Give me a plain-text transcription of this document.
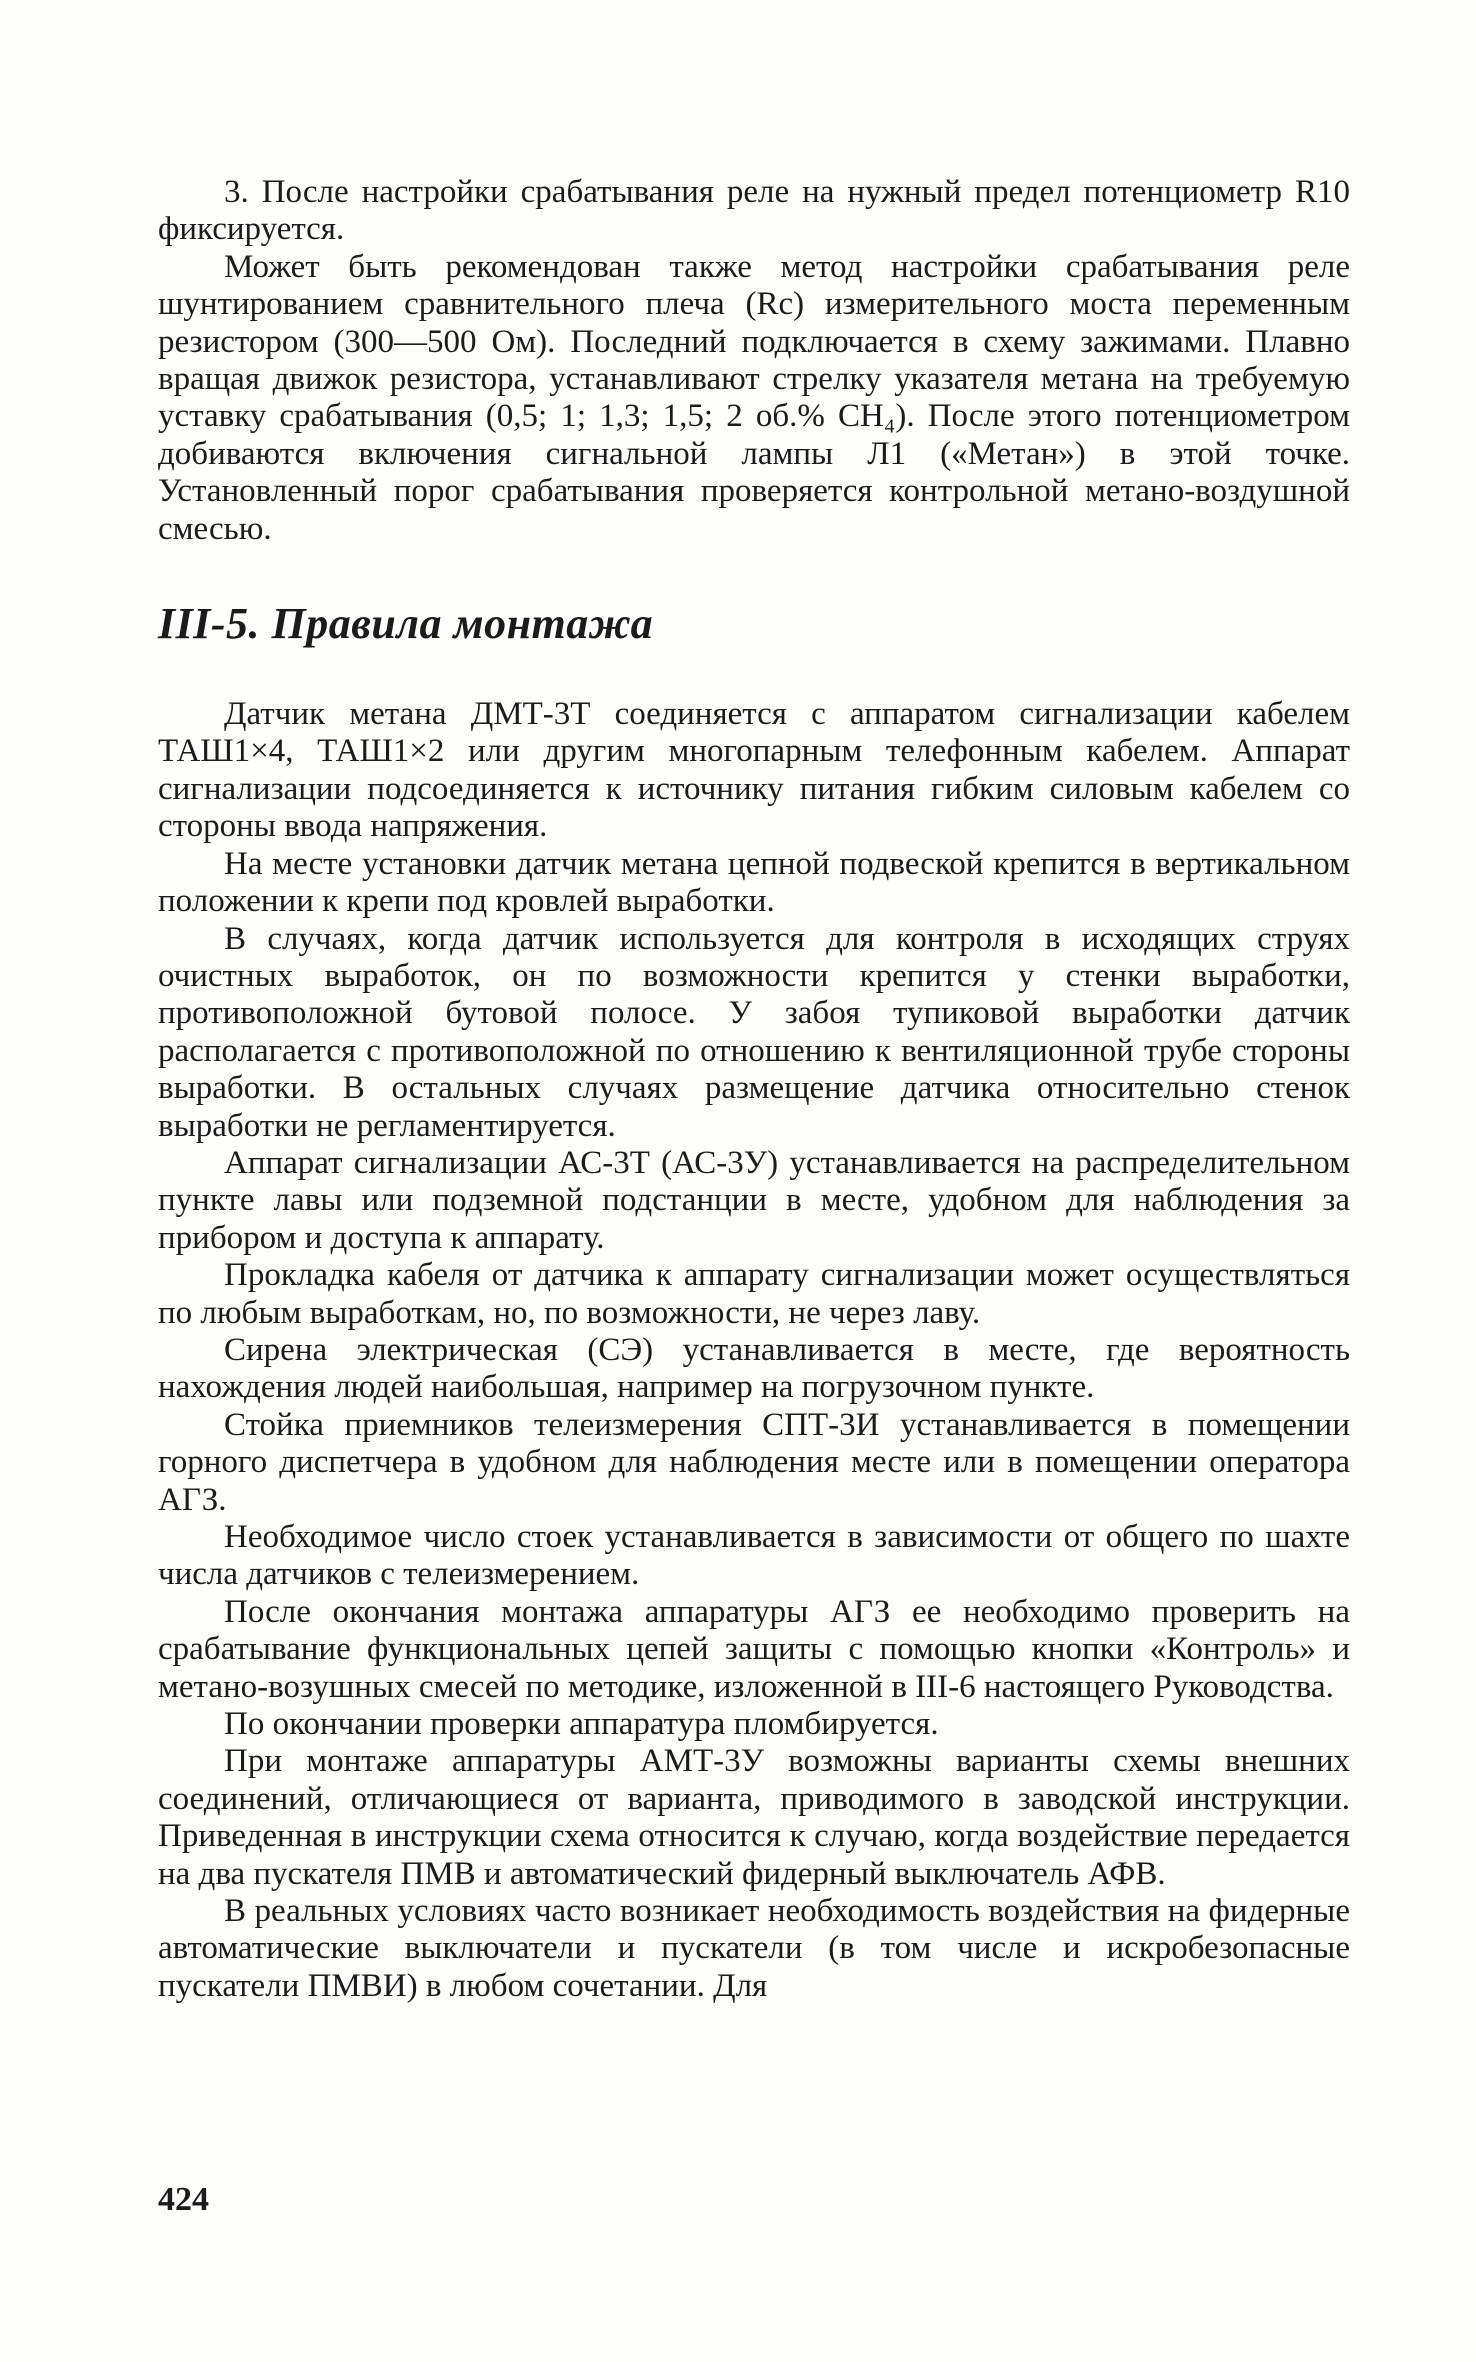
3. После настройки срабатывания реле на нужный предел потенциометр R10 фиксируется.

Может быть рекомендован также метод настройки срабатывания реле шунтированием сравнительного плеча (Rс) измерительного моста переменным резистором (300—500 Ом). Последний подключается в схему зажимами. Плавно вращая движок резистора, устанавливают стрелку указателя метана на требуемую уставку срабатывания (0,5; 1; 1,3; 1,5; 2 об.% CH₄). После этого потенциометром добиваются включения сигнальной лампы Л1 («Метан») в этой точке. Установленный порог срабатывания проверяется контрольной метано-воздушной смесью.

III-5. Правила монтажа

Датчик метана ДМТ-3Т соединяется с аппаратом сигнализации кабелем ТАШ1×4, ТАШ1×2 или другим многопарным телефонным кабелем. Аппарат сигнализации подсоединяется к источнику питания гибким силовым кабелем со стороны ввода напряжения.

На месте установки датчик метана цепной подвеской крепится в вертикальном положении к крепи под кровлей выработки.

В случаях, когда датчик используется для контроля в исходящих струях очистных выработок, он по возможности крепится у стенки выработки, противоположной бутовой полосе. У забоя тупиковой выработки датчик располагается с противоположной по отношению к вентиляционной трубе стороны выработки. В остальных случаях размещение датчика относительно стенок выработки не регламентируется.

Аппарат сигнализации АС-3Т (АС-3У) устанавливается на распределительном пункте лавы или подземной подстанции в месте, удобном для наблюдения за прибором и доступа к аппарату.

Прокладка кабеля от датчика к аппарату сигнализации может осуществляться по любым выработкам, но, по возможности, не через лаву.

Сирена электрическая (СЭ) устанавливается в месте, где вероятность нахождения людей наибольшая, например на погрузочном пункте.

Стойка приемников телеизмерения СПТ-3И устанавливается в помещении горного диспетчера в удобном для наблюдения месте или в помещении оператора АГЗ.

Необходимое число стоек устанавливается в зависимости от общего по шахте числа датчиков с телеизмерением.

После окончания монтажа аппаратуры АГЗ ее необходимо проверить на срабатывание функциональных цепей защиты с помощью кнопки «Контроль» и метано-возушных смесей по методике, изложенной в III-6 настоящего Руководства.

По окончании проверки аппаратура пломбируется.

При монтаже аппаратуры АМТ-3У возможны варианты схемы внешних соединений, отличающиеся от варианта, приводимого в заводской инструкции. Приведенная в инструкции схема относится к случаю, когда воздействие передается на два пускателя ПМВ и автоматический фидерный выключатель АФВ.

В реальных условиях часто возникает необходимость воздействия на фидерные автоматические выключатели и пускатели (в том числе и искробезопасные пускатели ПМВИ) в любом сочетании. Для

424
